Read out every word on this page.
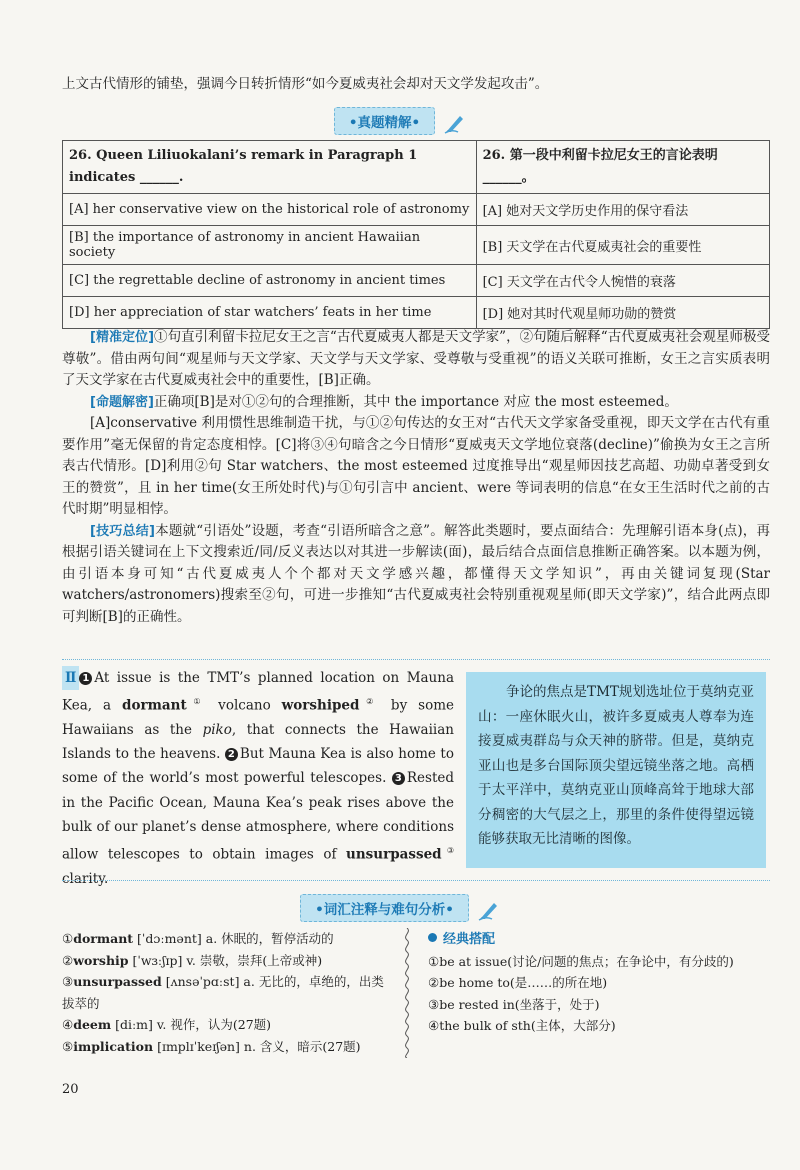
上文古代情形的铺垫，强调今日转折情形“如今夏威夷社会却对天文学发起攻击”。
•真题精解•
26. Queen Liliuokalani’s remark in Paragraph 1 indicates ______.	26. 第一段中利留卡拉尼女王的言论表明______。
[A] her conservative view on the historical role of astronomy	[A] 她对天文学历史作用的保守看法
[B] the importance of astronomy in ancient Hawaiian society	[B] 天文学在古代夏威夷社会的重要性
[C] the regrettable decline of astronomy in ancient times	[C] 天文学在古代令人惋惜的衰落
[D] her appreciation of star watchers’ feats in her time	[D] 她对其时代观星师功勋的赞赏

[精准定位]①句直引利留卡拉尼女王之言“古代夏威夷人都是天文学家”，②句随后解释“古代夏威夷社会观星师极受尊敬”。借由两句间“观星师与天文学家、天文学与天文学家、受尊敬与受重视”的语义关联可推断，女王之言实质表明了天文学家在古代夏威夷社会中的重要性，[B]正确。

[命题解密]正确项[B]是对①②句的合理推断，其中 the importance 对应 the most esteemed。

[A]conservative 利用惯性思维制造干扰，与①②句传达的女王对“古代天文学家备受重视，即天文学在古代有重要作用”毫无保留的肯定态度相悖。[C]将③④句暗含之今日情形“夏威夷天文学地位衰落(decline)”偷换为女王之言所表古代情形。[D]利用②句 Star watchers、the most esteemed 过度推导出“观星师因技艺高超、功勋卓著受到女王的赞赏”，且 in her time(女王所处时代)与①句引言中 ancient、were 等词表明的信息“在女王生活时代之前的古代时期”明显相悖。

[技巧总结]本题就“引语处”设题，考查“引语所暗含之意”。解答此类题时，要点面结合：先理解引语本身(点)，再根据引语关键词在上下文搜索近/同/反义表达以对其进一步解读(面)，最后结合点面信息推断正确答案。以本题为例，由引语本身可知“古代夏威夷人个个都对天文学感兴趣，都懂得天文学知识”，再由关键词复现(Star watchers/astronomers)搜索至②句，可进一步推知“古代夏威夷社会特别重视观星师(即天文学家)”，结合此两点即可判断[B]的正确性。

Ⅱ 1 At issue is the TMT’s planned location on Mauna Kea, a dormant① volcano worshiped② by some Hawaiians as the piko, that connects the Hawaiian Islands to the heavens. 2 But Mauna Kea is also home to some of the world’s most powerful telescopes. 3 Rested in the Pacific Ocean, Mauna Kea’s peak rises above the bulk of our planet’s dense atmosphere, where conditions allow telescopes to obtain images of unsurpassed③ clarity.
争论的焦点是TMT规划选址位于莫纳克亚山：一座休眠火山，被许多夏威夷人尊奉为连接夏威夷群岛与众天神的脐带。但是，莫纳克亚山也是多台国际顶尖望远镜坐落之地。高栖于太平洋中，莫纳克亚山顶峰高耸于地球大部分稠密的大气层之上，那里的条件使得望远镜能够获取无比清晰的图像。
•词汇注释与难句分析•
①dormant [ˈdɔːmənt] a. 休眠的，暂停活动的
②worship [ˈwɜːʃɪp] v. 崇敬，崇拜(上帝或神)
③unsurpassed [ʌnsəˈpɑːst] a. 无比的，卓绝的，出类拔萃的
④deem [diːm] v. 视作，认为(27题)
⑤implication [ɪmplɪˈkeɪʃən] n. 含义，暗示(27题)
经典搭配
①be at issue(讨论/问题的焦点；在争论中，有分歧的)
②be home to(是……的所在地)
③be rested in(坐落于，处于)
④the bulk of sth(主体，大部分)
20
